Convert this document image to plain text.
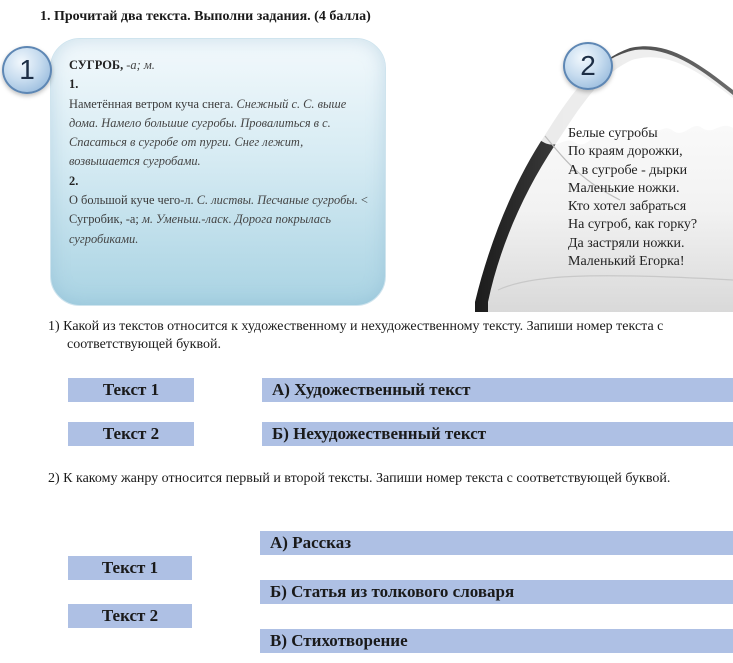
1. Прочитай два текста. Выполни задания. (4 балла)
СУГРОБ, -а; м.
1.
Наметённая ветром куча снега. Снежный с. С. выше дома. Намело большие сугробы. Провалиться в с. Спасаться в сугробе от пурги. Снег лежит, возвышается сугробами.
2.
О большой куче чего-л. С. листвы. Песчаные сугробы. < Сугробик, -а; м. Уменьш.-ласк. Дорога покрылась сугробиками.
1	2
Белые сугробы
По краям дорожки,
А в сугробе - дырки
Маленькие ножки.
Кто хотел забраться
На сугроб, как горку?
Да застряли ножки.
Маленький Егорка!
1) Какой из текстов относится к художественному и нехудожественному тексту. Запиши номер текста с соответствующей буквой.
Текст 1
Текст 2
А) Художественный текст
Б) Нехудожественный текст
2) К какому жанру относится первый и второй тексты. Запиши номер текста с соответствующей буквой.
Текст 1
Текст 2
А) Рассказ
Б) Статья из толкового словаря
В) Стихотворение
